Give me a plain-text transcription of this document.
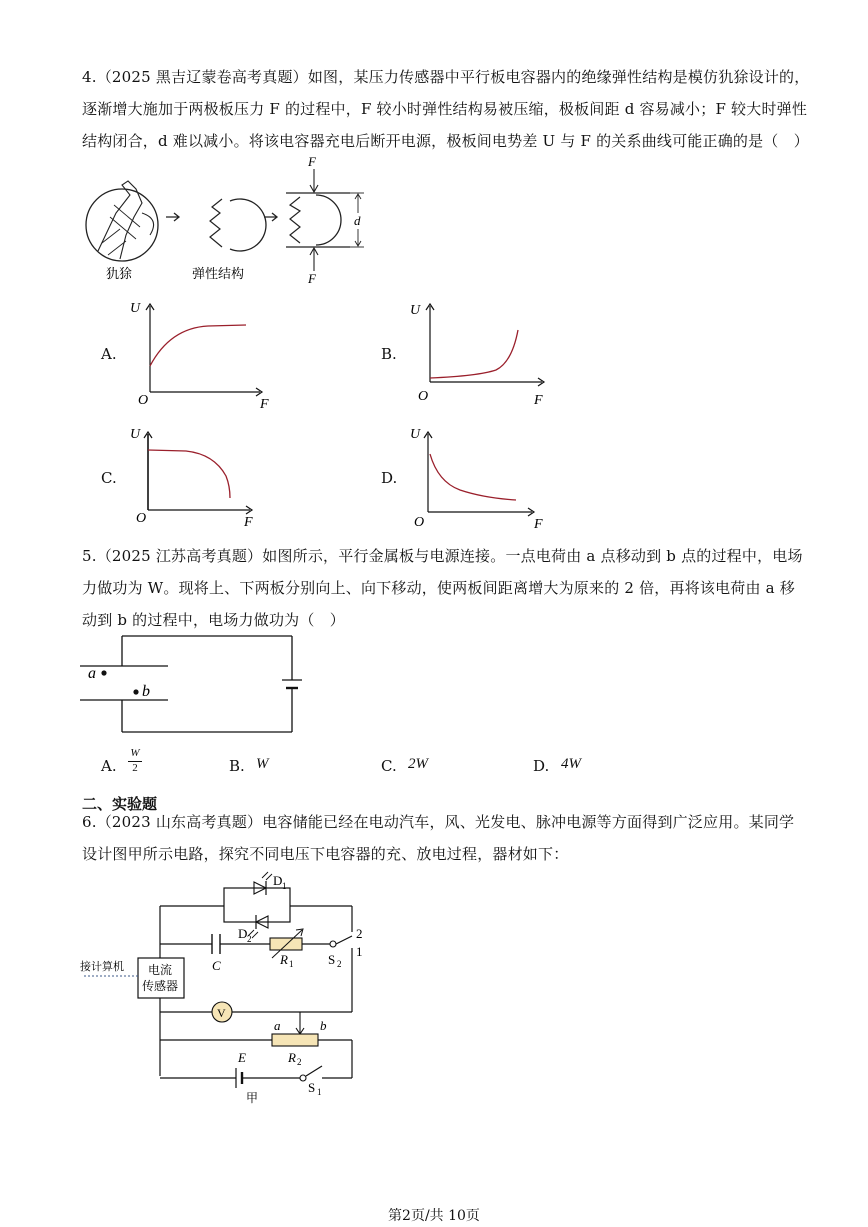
4.（2025 黑吉辽蒙卷高考真题）如图，某压力传感器中平行板电容器内的绝缘弹性结构是模仿犰狳设计的，
逐渐增大施加于两极板压力 F 的过程中，F 较小时弹性结构易被压缩，极板间距 d 容易减小；F 较大时弹性
结构闭合，d 难以减小。将该电容器充电后断开电源，极板间电势差 U 与 F 的关系曲线可能正确的是（　）
犰狳	弹性结构
F
F
d
A.
U
F
O
B.
U
F
O
C.
U
F
O
D.
U
F
O
5.（2025 江苏高考真题）如图所示，平行金属板与电源连接。一点电荷由 a 点移动到 b 点的过程中，电场
力做功为 W。现将上、下两板分别向上、向下移动，使两板间距离增大为原来的 2 倍，再将该电荷由 a 移
动到 b 的过程中，电场力做功为（　）
a
b
A. $\frac{W}{2}$	B. W	C. 2W	D. 4W
二、实验题
6.（2023 山东高考真题）电容储能已经在电动汽车，风、光发电、脉冲电源等方面得到广泛应用。某同学
设计图甲所示电路，探究不同电压下电容器的充、放电过程，器材如下：
D 1
D 2
C	R 1	S 2
2
1
电流
传感器
接计算机
V
a	b
R 2
E
S 1
甲
第2页/共 10页
